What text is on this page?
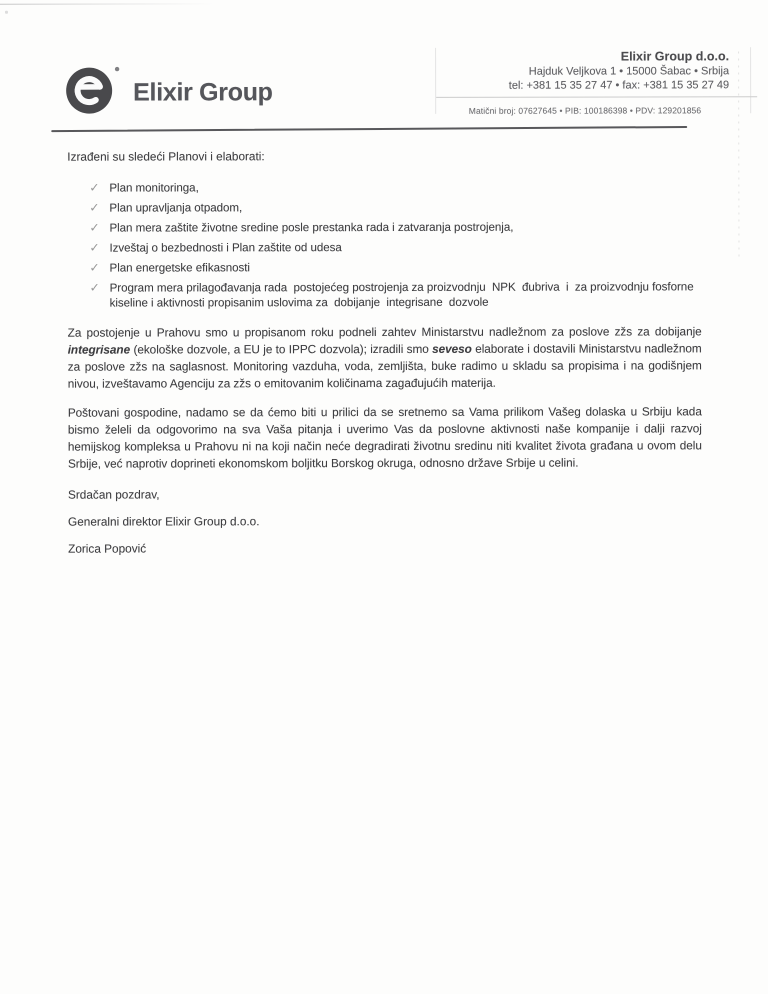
Elixir Group
Elixir Group d.o.o.
Hajduk Veljkova 1 • 15000 Šabac • Srbija
tel: +381 15 35 27 47 • fax: +381 15 35 27 49
Matični broj: 07627645 • PIB: 100186398 • PDV: 129201856

Izrađeni su sledeći Planovi i elaborati:

✓ Plan monitoringa,
✓ Plan upravljanja otpadom,
✓ Plan mera zaštite životne sredine posle prestanka rada i zatvaranja postrojenja,
✓ Izveštaj o bezbednosti i Plan zaštite od udesa
✓ Plan energetske efikasnosti
✓ Program mera prilagođavanja rada  postojećeg postrojenja za proizvodnju  NPK  đubriva  i  za proizvodnju fosforne kiseline i aktivnosti propisanim uslovima za  dobijanje  integrisane  dozvole

Za postojenje u Prahovu smo u propisanom roku podneli zahtev Ministarstvu nadležnom za poslove zžs za dobijanje integrisane (ekološke dozvole, a EU je to IPPC dozvola); izradili smo seveso elaborate i dostavili Ministarstvu nadležnom za poslove zžs na saglasnost. Monitoring vazduha, voda, zemljišta, buke radimo u skladu sa propisima i na godišnjem nivou, izveštavamo Agenciju za zžs o emitovanim količinama zagađujućih materija.

Poštovani gospodine, nadamo se da ćemo biti u prilici da se sretnemo sa Vama prilikom Vašeg dolaska u Srbiju kada bismo želeli da odgovorimo na sva Vaša pitanja i uverimo Vas da poslovne aktivnosti naše kompanije i dalji razvoj hemijskog kompleksa u Prahovu ni na koji način neće degradirati životnu sredinu niti kvalitet života građana u ovom delu Srbije, već naprotiv doprineti ekonomskom boljitku Borskog okruga, odnosno države Srbije u celini.

Srdačan pozdrav,

Generalni direktor Elixir Group d.o.o.

Zorica Popović
